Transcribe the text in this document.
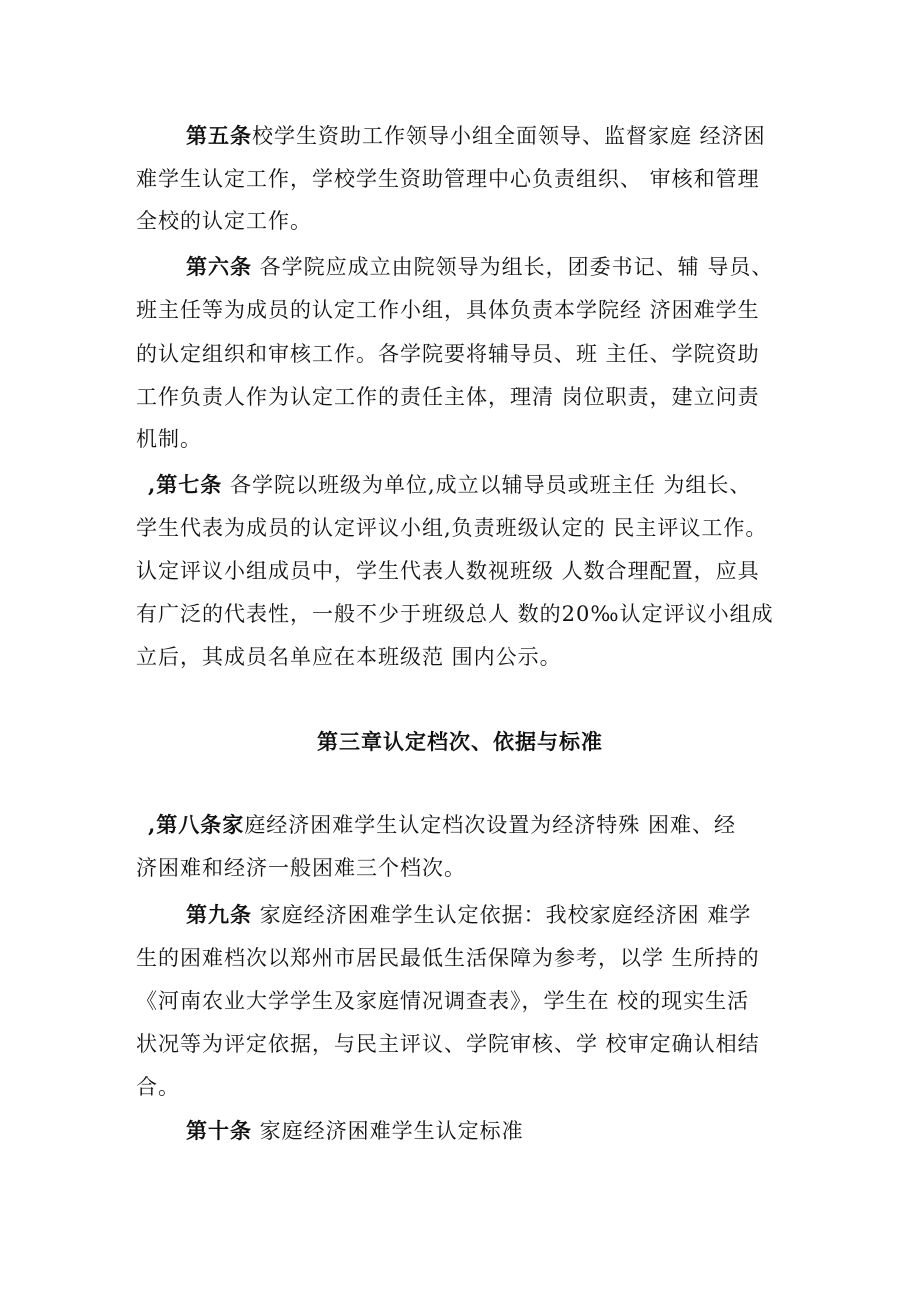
第五条校学生资助工作领导小组全面领导、监督家庭 经济困
难学生认定工作，学校学生资助管理中心负责组织、 审核和管理
全校的认定工作。
第六条 各学院应成立由院领导为组长，团委书记、辅 导员、
班主任等为成员的认定工作小组，具体负责本学院经 济困难学生
的认定组织和审核工作。各学院要将辅导员、班 主任、学院资助
工作负责人作为认定工作的责任主体，理清 岗位职责，建立问责
机制。
,第七条 各学院以班级为单位,成立以辅导员或班主任 为组长、
学生代表为成员的认定评议小组,负责班级认定的 民主评议工作。
认定评议小组成员中，学生代表人数视班级 人数合理配置，应具
有广泛的代表性，一般不少于班级总人 数的20‰认定评议小组成
立后，其成员名单应在本班级范 围内公示。
第三章认定档次、依据与标准
,第八条家庭经济困难学生认定档次设置为经济特殊 困难、经
济困难和经济一般困难三个档次。
第九条 家庭经济困难学生认定依据：我校家庭经济困 难学
生的困难档次以郑州市居民最低生活保障为参考，以学 生所持的
《河南农业大学学生及家庭情况调查表》，学生在 校的现实生活
状况等为评定依据，与民主评议、学院审核、学 校审定确认相结
合。
第十条 家庭经济困难学生认定标准
